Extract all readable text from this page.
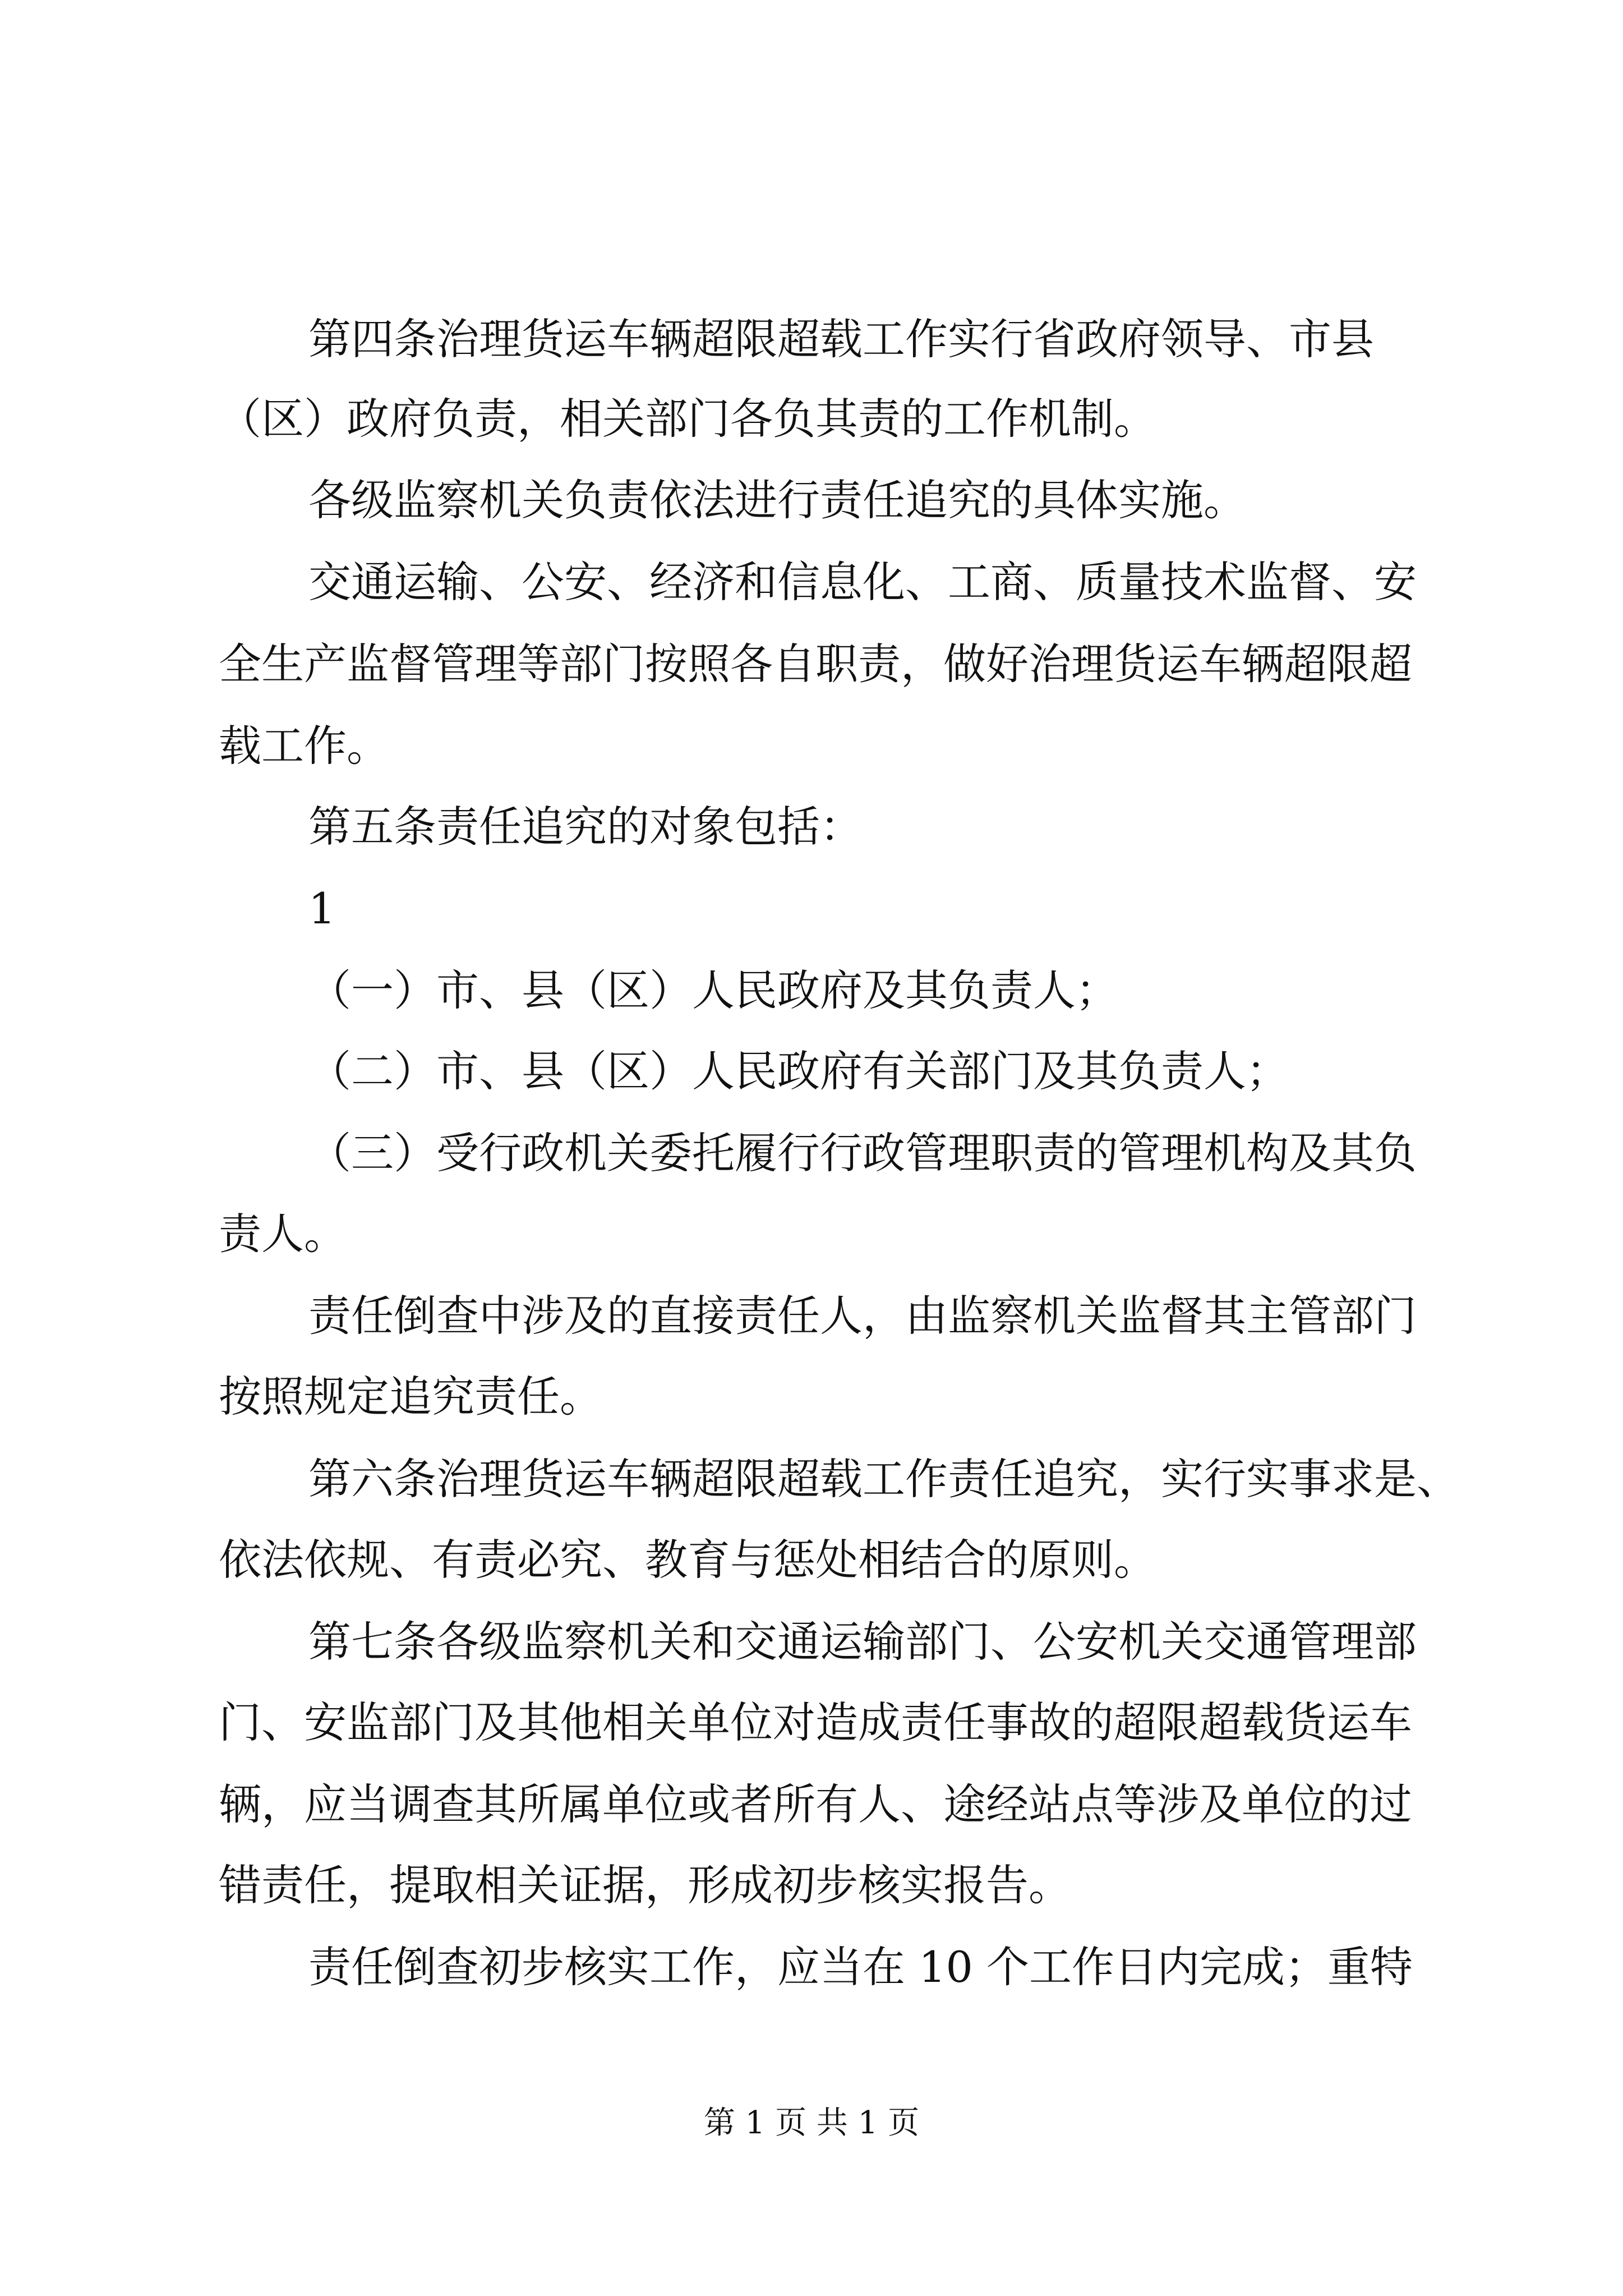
第四条治理货运车辆超限超载工作实行省政府领导、市县
（区）政府负责，相关部门各负其责的工作机制。
各级监察机关负责依法进行责任追究的具体实施。
交通运输、公安、经济和信息化、工商、质量技术监督、安
全生产监督管理等部门按照各自职责，做好治理货运车辆超限超
载工作。
第五条责任追究的对象包括：
1
（一）市、县（区）人民政府及其负责人；
（二）市、县（区）人民政府有关部门及其负责人；
（三）受行政机关委托履行行政管理职责的管理机构及其负
责人。
责任倒查中涉及的直接责任人，由监察机关监督其主管部门
按照规定追究责任。
第六条治理货运车辆超限超载工作责任追究，实行实事求是、
依法依规、有责必究、教育与惩处相结合的原则。
第七条各级监察机关和交通运输部门、公安机关交通管理部
门、安监部门及其他相关单位对造成责任事故的超限超载货运车
辆，应当调查其所属单位或者所有人、途经站点等涉及单位的过
错责任，提取相关证据，形成初步核实报告。
责任倒查初步核实工作，应当在 10 个工作日内完成；重特
第 1 页 共 1 页
